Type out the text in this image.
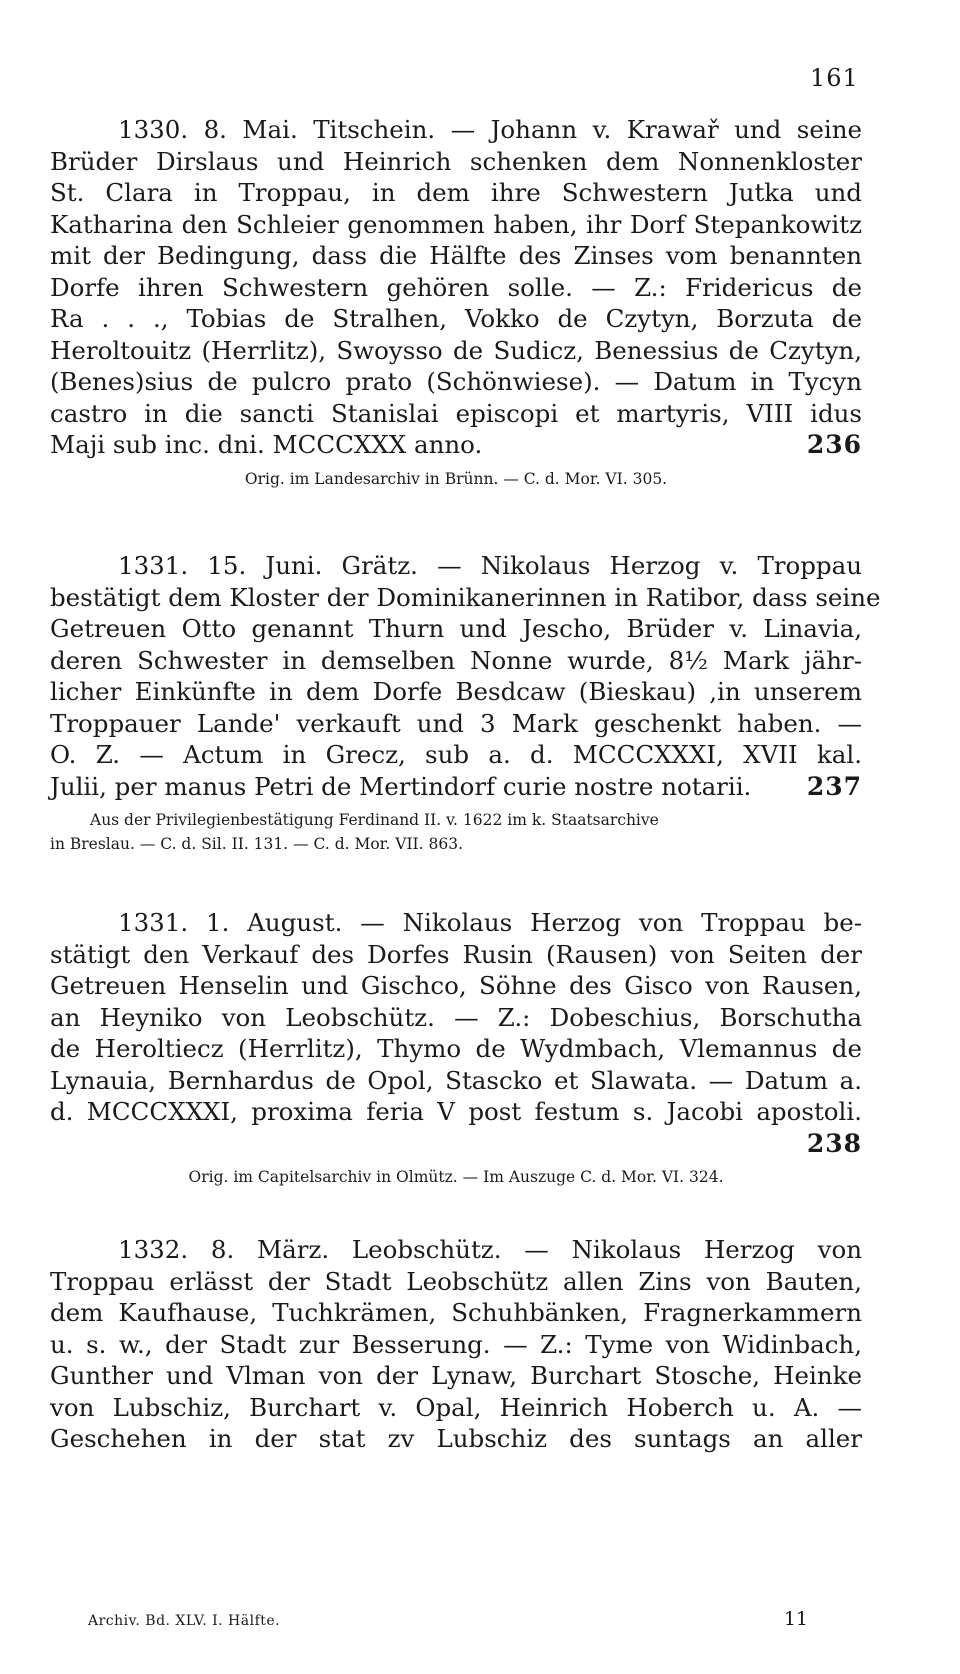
161
1330. 8. Mai. Titschein. — Johann v. Krawař und seine
Brüder Dirslaus und Heinrich schenken dem Nonnenkloster
St. Clara in Troppau, in dem ihre Schwestern Jutka und
Katharina den Schleier genommen haben, ihr Dorf Stepankowitz
mit der Bedingung, dass die Hälfte des Zinses vom benannten
Dorfe ihren Schwestern gehören solle. — Z.: Fridericus de
Ra . . ., Tobias de Stralhen, Vokko de Czytyn, Borzuta de
Heroltouitz (Herrlitz), Swoysso de Sudicz, Benessius de Czytyn,
(Benes)sius de pulcro prato (Schönwiese). — Datum in Tycyn
castro in die sancti Stanislai episcopi et martyris, VIII idus
Maji sub inc. dni. MCCCXXX anno.	236
Orig. im Landesarchiv in Brünn. — C. d. Mor. VI. 305.
1331. 15. Juni. Grätz. — Nikolaus Herzog v. Troppau
bestätigt dem Kloster der Dominikanerinnen in Ratibor, dass seine
Getreuen Otto genannt Thurn und Jescho, Brüder v. Linavia,
deren Schwester in demselben Nonne wurde, 8½ Mark jähr-
licher Einkünfte in dem Dorfe Besdcaw (Bieskau) ,in unserem
Troppauer Lande' verkauft und 3 Mark geschenkt haben. —
O. Z. — Actum in Grecz, sub a. d. MCCCXXXI, XVII kal.
Julii, per manus Petri de Mertindorf curie nostre notarii. 237
Aus der Privilegienbestätigung Ferdinand II. v. 1622 im k. Staatsarchive
in Breslau. — C. d. Sil. II. 131. — C. d. Mor. VII. 863.
1331. 1. August. — Nikolaus Herzog von Troppau be-
stätigt den Verkauf des Dorfes Rusin (Rausen) von Seiten der
Getreuen Henselin und Gischco, Söhne des Gisco von Rausen,
an Heyniko von Leobschütz. — Z.: Dobeschius, Borschutha
de Heroltiecz (Herrlitz), Thymo de Wydmbach, Vlemannus de
Lynauia, Bernhardus de Opol, Stascko et Slawata. — Datum a.
d. MCCCXXXI, proxima feria V post festum s. Jacobi apostoli.
238
Orig. im Capitelsarchiv in Olmütz. — Im Auszuge C. d. Mor. VI. 324.
1332. 8. März. Leobschütz. — Nikolaus Herzog von
Troppau erlässt der Stadt Leobschütz allen Zins von Bauten,
dem Kaufhause, Tuchkrämen, Schuhbänken, Fragnerkammern
u. s. w., der Stadt zur Besserung. — Z.: Tyme von Widinbach,
Gunther und Vlman von der Lynaw, Burchart Stosche, Heinke
von Lubschiz, Burchart v. Opal, Heinrich Hoberch u. A. —
Geschehen in der stat zv Lubschiz des suntags an aller
Archiv. Bd. XLV. I. Hälfte.	11
